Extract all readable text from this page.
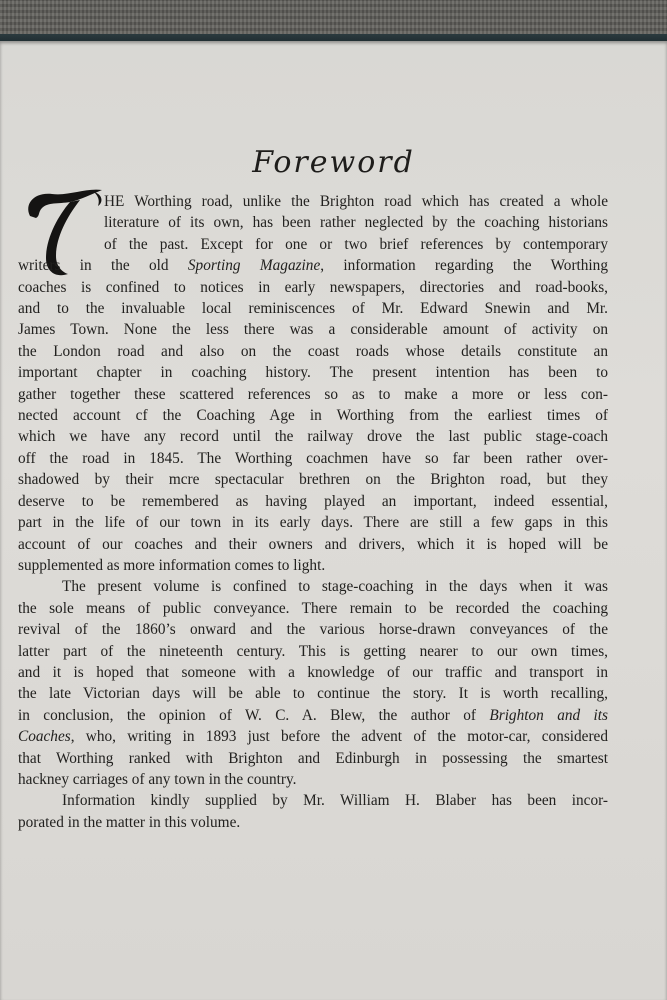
Foreword
HE Worthing road, unlike the Brighton road which has created a whole
literature of its own, has been rather neglected by the coaching historians
of the past. Except for one or two brief references by contemporary
writers in the old Sporting Magazine, information regarding the Worthing
coaches is confined to notices in early newspapers, directories and road-books,
and to the invaluable local reminiscences of Mr. Edward Snewin and Mr.
James Town. None the less there was a considerable amount of activity on
the London road and also on the coast roads whose details constitute an
important chapter in coaching history. The present intention has been to
gather together these scattered references so as to make a more or less con-
nected account cf the Coaching Age in Worthing from the earliest times of
which we have any record until the railway drove the last public stage-coach
off the road in 1845. The Worthing coachmen have so far been rather over-
shadowed by their mcre spectacular brethren on the Brighton road, but they
deserve to be remembered as having played an important, indeed essential,
part in the life of our town in its early days. There are still a few gaps in this
account of our coaches and their owners and drivers, which it is hoped will be
supplemented as more information comes to light.
The present volume is confined to stage-coaching in the days when it was
the sole means of public conveyance. There remain to be recorded the coaching
revival of the 1860’s onward and the various horse-drawn conveyances of the
latter part of the nineteenth century. This is getting nearer to our own times,
and it is hoped that someone with a knowledge of our traffic and transport in
the late Victorian days will be able to continue the story. It is worth recalling,
in conclusion, the opinion of W. C. A. Blew, the author of Brighton and its
Coaches, who, writing in 1893 just before the advent of the motor-car, considered
that Worthing ranked with Brighton and Edinburgh in possessing the smartest
hackney carriages of any town in the country.
Information kindly supplied by Mr. William H. Blaber has been incor-
porated in the matter in this volume.
